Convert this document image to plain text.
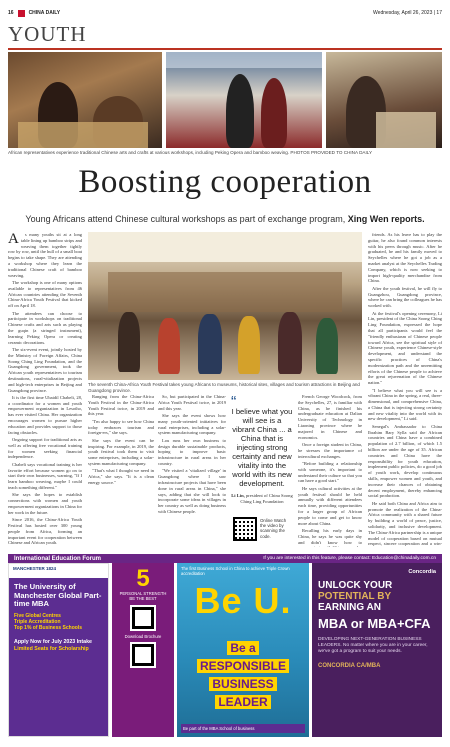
16	CHINA DAILY	Wednesday, April 26, 2023 | 17
YOUTH
African representatives experience traditional Chinese arts and crafts at various workshops, including Peking Opera and bamboo weaving. PHOTOS PROVIDED TO CHINA DAILY
Boosting cooperation
Young Africans attend Chinese cultural workshops as part of exchange program, Xing Wen reports.

A s many youths sit at a long table lining up bamboo strips and weaving them together tightly row by row, until the hull of a small boat begins to take shape. They are attending a workshop where they learn the traditional Chinese craft of bamboo weaving.

The workshop is one of many options available to representatives from 46 African countries attending the Seventh China-Africa Youth Festival that kicked off on April 18.

The attendees can choose to participate in workshops on traditional Chinese crafts and arts such as playing the guqin (a stringed instrument), learning Peking Opera or creating ceramic decorations.

The six-event event, jointly hosted by the Ministry of Foreign Affairs, China Soong Ching Ling Foundation, and the Guangdong government, took the African youth representatives to tourism destinations, rural-vitalization projects and high-tech enterprises in Beijing and Guangdong province.

It is the first time Ubaidil Chabeli, 28, a coordinator for a women and youth empowerment organization in Lesotho, has ever visited China. Her organization encourages women to pursue higher education and provides support to those facing obstacles.

Ongoing support for traditional arts as well as offering free vocational training for women seeking financial independence.

Chabeli says vocational training is her favorite effort because women go on to start their own businesses, warning, "If I learn bamboo weaving, maybe I could teach something different."

She says the hopes to establish connections with women and youth empowerment organizations in China for her work in the future.

Since 2016, the China-Africa Youth Festival has hosted over 300 young people from Africa, forming an important event for cooperation between Chinese and African youth.

The seventh China-Africa Youth Festival takes young Africans to museums, historical sites, villages and tourism attractions in Beijing and Guangdong province.

Ranging from the China-Africa Youth Festival in the China-Africa Youth Festival twice, in 2019 and this year.

"I'm also happy to see how China today embraces tourism and foreign-ers," she says.

She says the event can be inspiring. For example, in 2019, the youth festival took them to visit some enterprises, including a solar-system manufacturing company.

"That's what I thought we need in Africa," she says. "It is a clean energy source."

So, but participated in the China-Africa Youth Festival twice, in 2019 and this year.

She says the event shows how many youth-oriented initiatives for rural enterprises, including a solar-system manufacturing company.

Lou runs her own business to design durable sustainable products, hoping to improve basic infrastructure in rural areas in her country.

"We visited a 'vitalized village' in Guangdong where I saw infrastructure projects that have been done in rural areas in China," she says, adding that she will look to incorporate some ideas in villages in her country as well as doing business with Chinese people.

“
I believe what you will see is a vibrant China ... a China that is injecting strong certainty and new vitality into the world with its new development.
Li Lin, president of China Soong Ching Ling Foundation
Online Watch the video by scanning the code.

French George Woodcock, from the Seychelles, 27, is familiar with China, as he finished his undergraduate education at Dalian University of Technology in Liaoning province where he majored in Chinese and economics.

Once a foreign student in China, he stresses the importance of intercultural exchanges.

"Before building a relationship with someone, it's important to understand their culture so that you can have a good start."

He says cultural activities at the youth festival should be held annually with different attendees each time, providing opportunities for a larger group of African people to come and get to know more about China.

Recalling his early days in China, he says he was quite shy and didn't know how to

friends. As his leave has to play the guitar, he also found common interests with his peers through music. After he graduated, he and his family moved to Seychelles where he got a job as a market analyst at the Seychelles Trading Company, which is now seeking to import high-quality merchandise from China.

After the youth festival, he will fly to Guangzhou, Guangdong province, where he can bring the colleagues he has worked with.

At the festival's opening ceremony, Li Lin, president of the China Soong Ching Ling Foundation, expressed the hope that all participants would feel the "friendly enthusiasm of Chinese people toward Africa, see the spiritual style of Chinese youth, experience Chinese-style development, and understand the specific practices of China's modernization path and the unremitting efforts of the Chinese people to achieve the great rejuvenation of the Chinese nation."

"I believe what you will see is a vibrant China in the spring, a real, three-dimensional, and comprehensive China, a China that is injecting strong certainty and new vitality into the world with its new development," Li said.

Senegal's Ambassador to China Ibrahim Bary Sylla said the African countries and China have a combined population of 2.7 billion, of which 1.5 billion are under the age of 35. African countries and China have the responsibility for youth education, implement public policies, do a good job of youth work, develop continuous skills, empower women and youth, and increase their chances of obtaining decent employment, thereby enhancing social production.

He said both China and Africa aim to promote the realization of the China-Africa community with a shared future by building a world of peace, justice, solidarity, and inclusive development. The China-Africa partnership is a unique model of cooperation based on mutual respect, sincere cooperation and a win-

International Education Forum	If you are interested in this feature, please contact: Education@chinadaily.com.cn
MANCHESTER 1824
The University of Manchester Global Part-time MBA
Five Global Centres
Triple Accreditation
Top 1% of Business Schools
Apply Now for July 2023 Intake
Limited Seats for Scholarship
5
PERSONAL STRENGTH
BE THE BEST
Download Brochure
The first Business School in China to achieve Triple Crown accreditation
Be U.
Be a
RESPONSIBLE
BUSINESS
LEADER
Be part of the MBA School of business
Concordia
UNLOCK YOUR
POTENTIAL BY
EARNING AN
MBA or MBA+CFA
DEVELOPING NEXT-GENERATION BUSINESS LEADERS. No matter where you are in your career, we've got a program to suit your needs.
CONCORDIA CA/MBA
